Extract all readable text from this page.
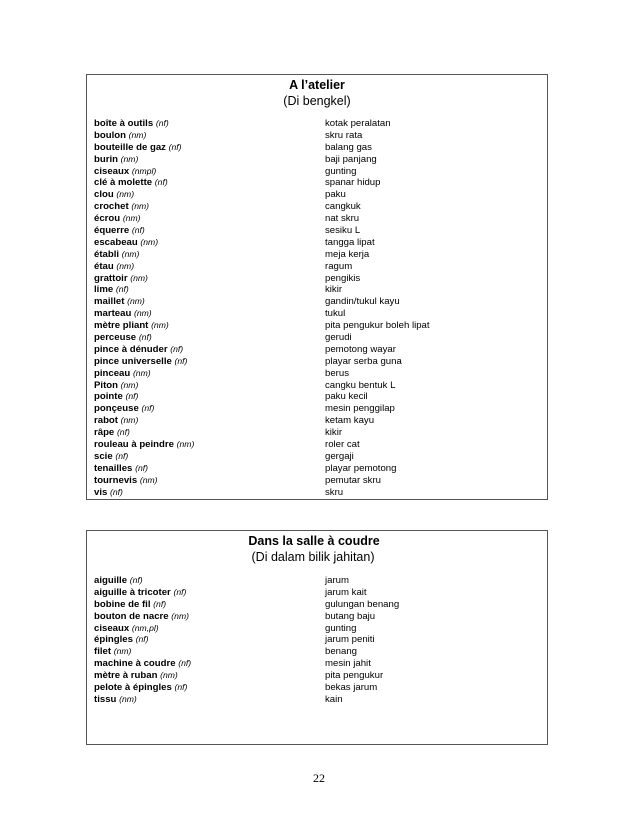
A l’atelier
(Di bengkel)
boîte à outils (nf)	kotak peralatan
boulon (nm)	skru rata
bouteille de gaz (nf)	balang gas
burin (nm)	baji panjang
ciseaux (nmpl)	gunting
clé à molette (nf)	spanar hidup
clou (nm)	paku
crochet (nm)	cangkuk
écrou (nm)	nat skru
équerre (nf)	sesiku L
escabeau (nm)	tangga lipat
établi (nm)	meja kerja
étau (nm)	ragum
grattoir (nm)	pengikis
lime (nf)	kikir
maillet (nm)	gandin/tukul kayu
marteau (nm)	tukul
mètre pliant (nm)	pita pengukur boleh lipat
perceuse (nf)	gerudi
pince à dénuder (nf)	pemotong wayar
pince universelle (nf)	playar serba guna
pinceau (nm)	berus
Piton (nm)	cangku bentuk L
pointe (nf)	paku kecil
ponçeuse (nf)	mesin penggilap
rabot (nm)	ketam kayu
râpe (nf)	kikir
rouleau à peindre (nm)	roler cat
scie (nf)	gergaji
tenailles (nf)	playar pemotong
tournevis (nm)	pemutar skru
vis (nf)	skru
Dans la salle à coudre
(Di dalam bilik jahitan)
aiguille (nf)	jarum
aiguille à tricoter (nf)	jarum kait
bobine de fil (nf)	gulungan benang
bouton de nacre (nm)	butang baju
ciseaux (nm,pl)	gunting
épingles (nf)	jarum peniti
filet (nm)	benang
machine à coudre (nf)	mesin jahit
mètre à ruban (nm)	pita pengukur
pelote à épingles (nf)	bekas jarum
tissu (nm)	kain
22
